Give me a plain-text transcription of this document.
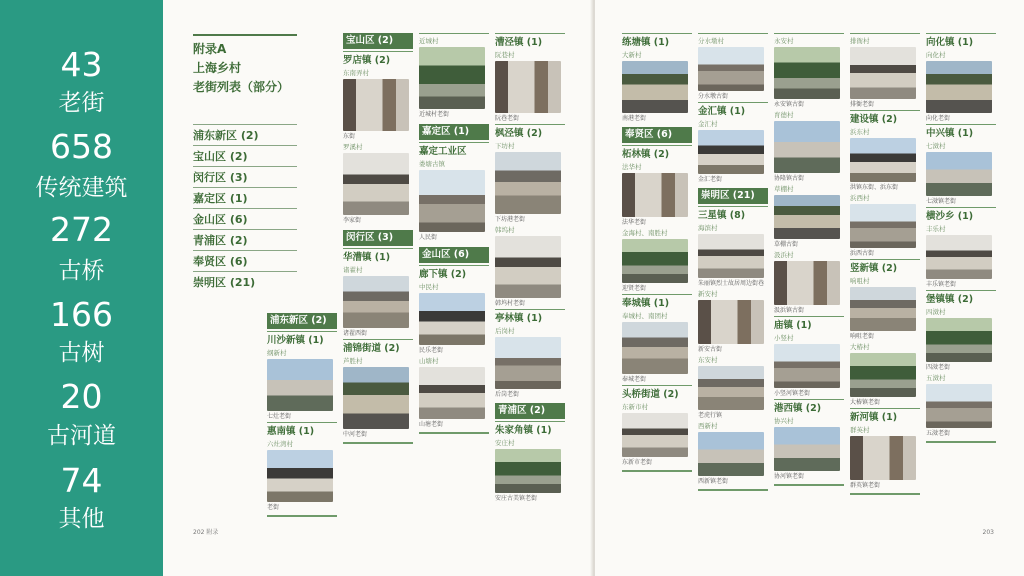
43
老街
658
传统建筑
272
古桥
166
古树
20
古河道
74
其他
附录A
上海乡村
老街列表（部分）
浦东新区 (2)
宝山区 (2)
闵行区 (3)
嘉定区 (1)
金山区 (6)
青浦区 (2)
奉贤区 (6)
崇明区 (21)
浦东新区 (2)
川沙新镇 (1)
纲新村
七灶老街
惠南镇 (1)
六灶湾村
老街
宝山区 (2)
罗店镇 (2)
东南弄村
东街
罗溪村
李家街
闵行区 (3)
华漕镇 (1)
诸翟村
诸翟西街
浦锦街道 (2)
芦胜村
中河老街
近城村
近城村老街
嘉定区 (1)
嘉定工业区
娄塘古镇
人民街
金山区 (6)
廊下镇 (2)
中民村
民乐老街
山塘村
山塘老街
漕泾镇 (1)
阮巷村
阮巷老街
枫泾镇 (2)
下坊村
下坊港老街
韩坞村
韩坞村老街
亭林镇 (1)
后岗村
后岗老街
青浦区 (2)
朱家角镇 (1)
安庄村
安庄古美镇老街
202 附录
练塘镇 (1)
大新村
南港老街
奉贤区 (6)
柘林镇 (2)
法华村
法华老街
金海村、南胜村
迎贤老街
奉城镇 (1)
奉城村、南团村
奉城老街
头桥街道 (2)
东新市村
东新市老街
分水墩村
分水墩古街
金汇镇 (1)
金汇村
金汇老街
崇明区 (21)
三星镇 (8)
海滨村
朱丽镇烈士故居周边街巷
新安村
新安古街
东安村
老虎行镇
西新村
西新镇老街
永安村
永安镇古街
育德村
协隆镇古街
草棚村
草棚古街
汲浜村
汲浜镇古街
庙镇 (1)
小竖村
小竖河镇老街
港西镇 (2)
协兴村
协河镇老街
排衙村
排衙老街
建设镇 (2)
浜东村
洪镇东街、浜东街
浜西村
浜西古街
竖新镇 (2)
响咀村
响咀老街
大椿村
大椿镇老街
新河镇 (1)
群英村
群英镇老街
向化镇 (1)
向化村
向化老街
中兴镇 (1)
七滧村
七滧镇老街
横沙乡 (1)
丰乐村
丰乐镇老街
堡镇镇 (2)
四滧村
四滧老街
五滧村
五滧老街
203
